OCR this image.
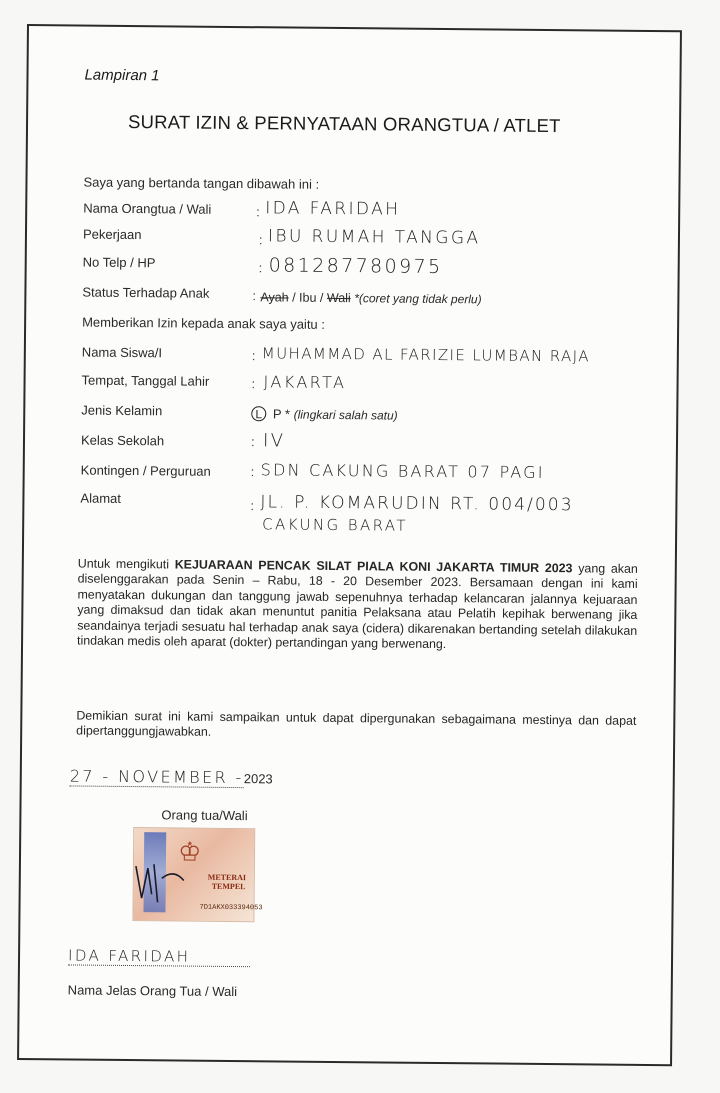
Lampiran 1
SURAT IZIN & PERNYATAAN ORANGTUA / ATLET
Saya yang bertanda tangan dibawah ini :
Nama Orangtua / Wali	: IDA FARIDAH
Pekerjaan	: IBU RUMAH TANGGA
No Telp / HP	: 081287780975
Status Terhadap Anak	: Ayah / Ibu / Wali *(coret yang tidak perlu)
Memberikan Izin kepada anak saya yaitu :
Nama Siswa/I	: MUHAMMAD AL FARIZIE LUMBAN RAJA
Tempat, Tanggal Lahir	: JAKARTA
Jenis Kelamin	L P * (lingkari salah satu)
Kelas Sekolah	: IV
Kontingen / Perguruan	: SDN CAKUNG BARAT 07 PAGI
Alamat	: JL. P. KOMARUDIN RT. 004/003
CAKUNG BARAT
Untuk mengikuti KEJUARAAN PENCAK SILAT PIALA KONI JAKARTA TIMUR 2023 yang akan diselenggarakan pada Senin – Rabu, 18 - 20 Desember 2023. Bersamaan dengan ini kami menyatakan dukungan dan tanggung jawab sepenuhnya terhadap kelancaran jalannya kejuaraan yang dimaksud dan tidak akan menuntut panitia Pelaksana atau Pelatih kepihak berwenang jika seandainya terjadi sesuatu hal terhadap anak saya (cidera) dikarenakan bertanding setelah dilakukan tindakan medis oleh aparat (dokter) pertandingan yang berwenang.
Demikian surat ini kami sampaikan untuk dapat dipergunakan sebagaimana mestinya dan dapat dipertanggungjawabkan.
27 - NOVEMBER -2023
Orang tua/Wali
♔
METERAI
TEMPEL
7D1AKX033394053
IDA FARIDAH
Nama Jelas Orang Tua / Wali
